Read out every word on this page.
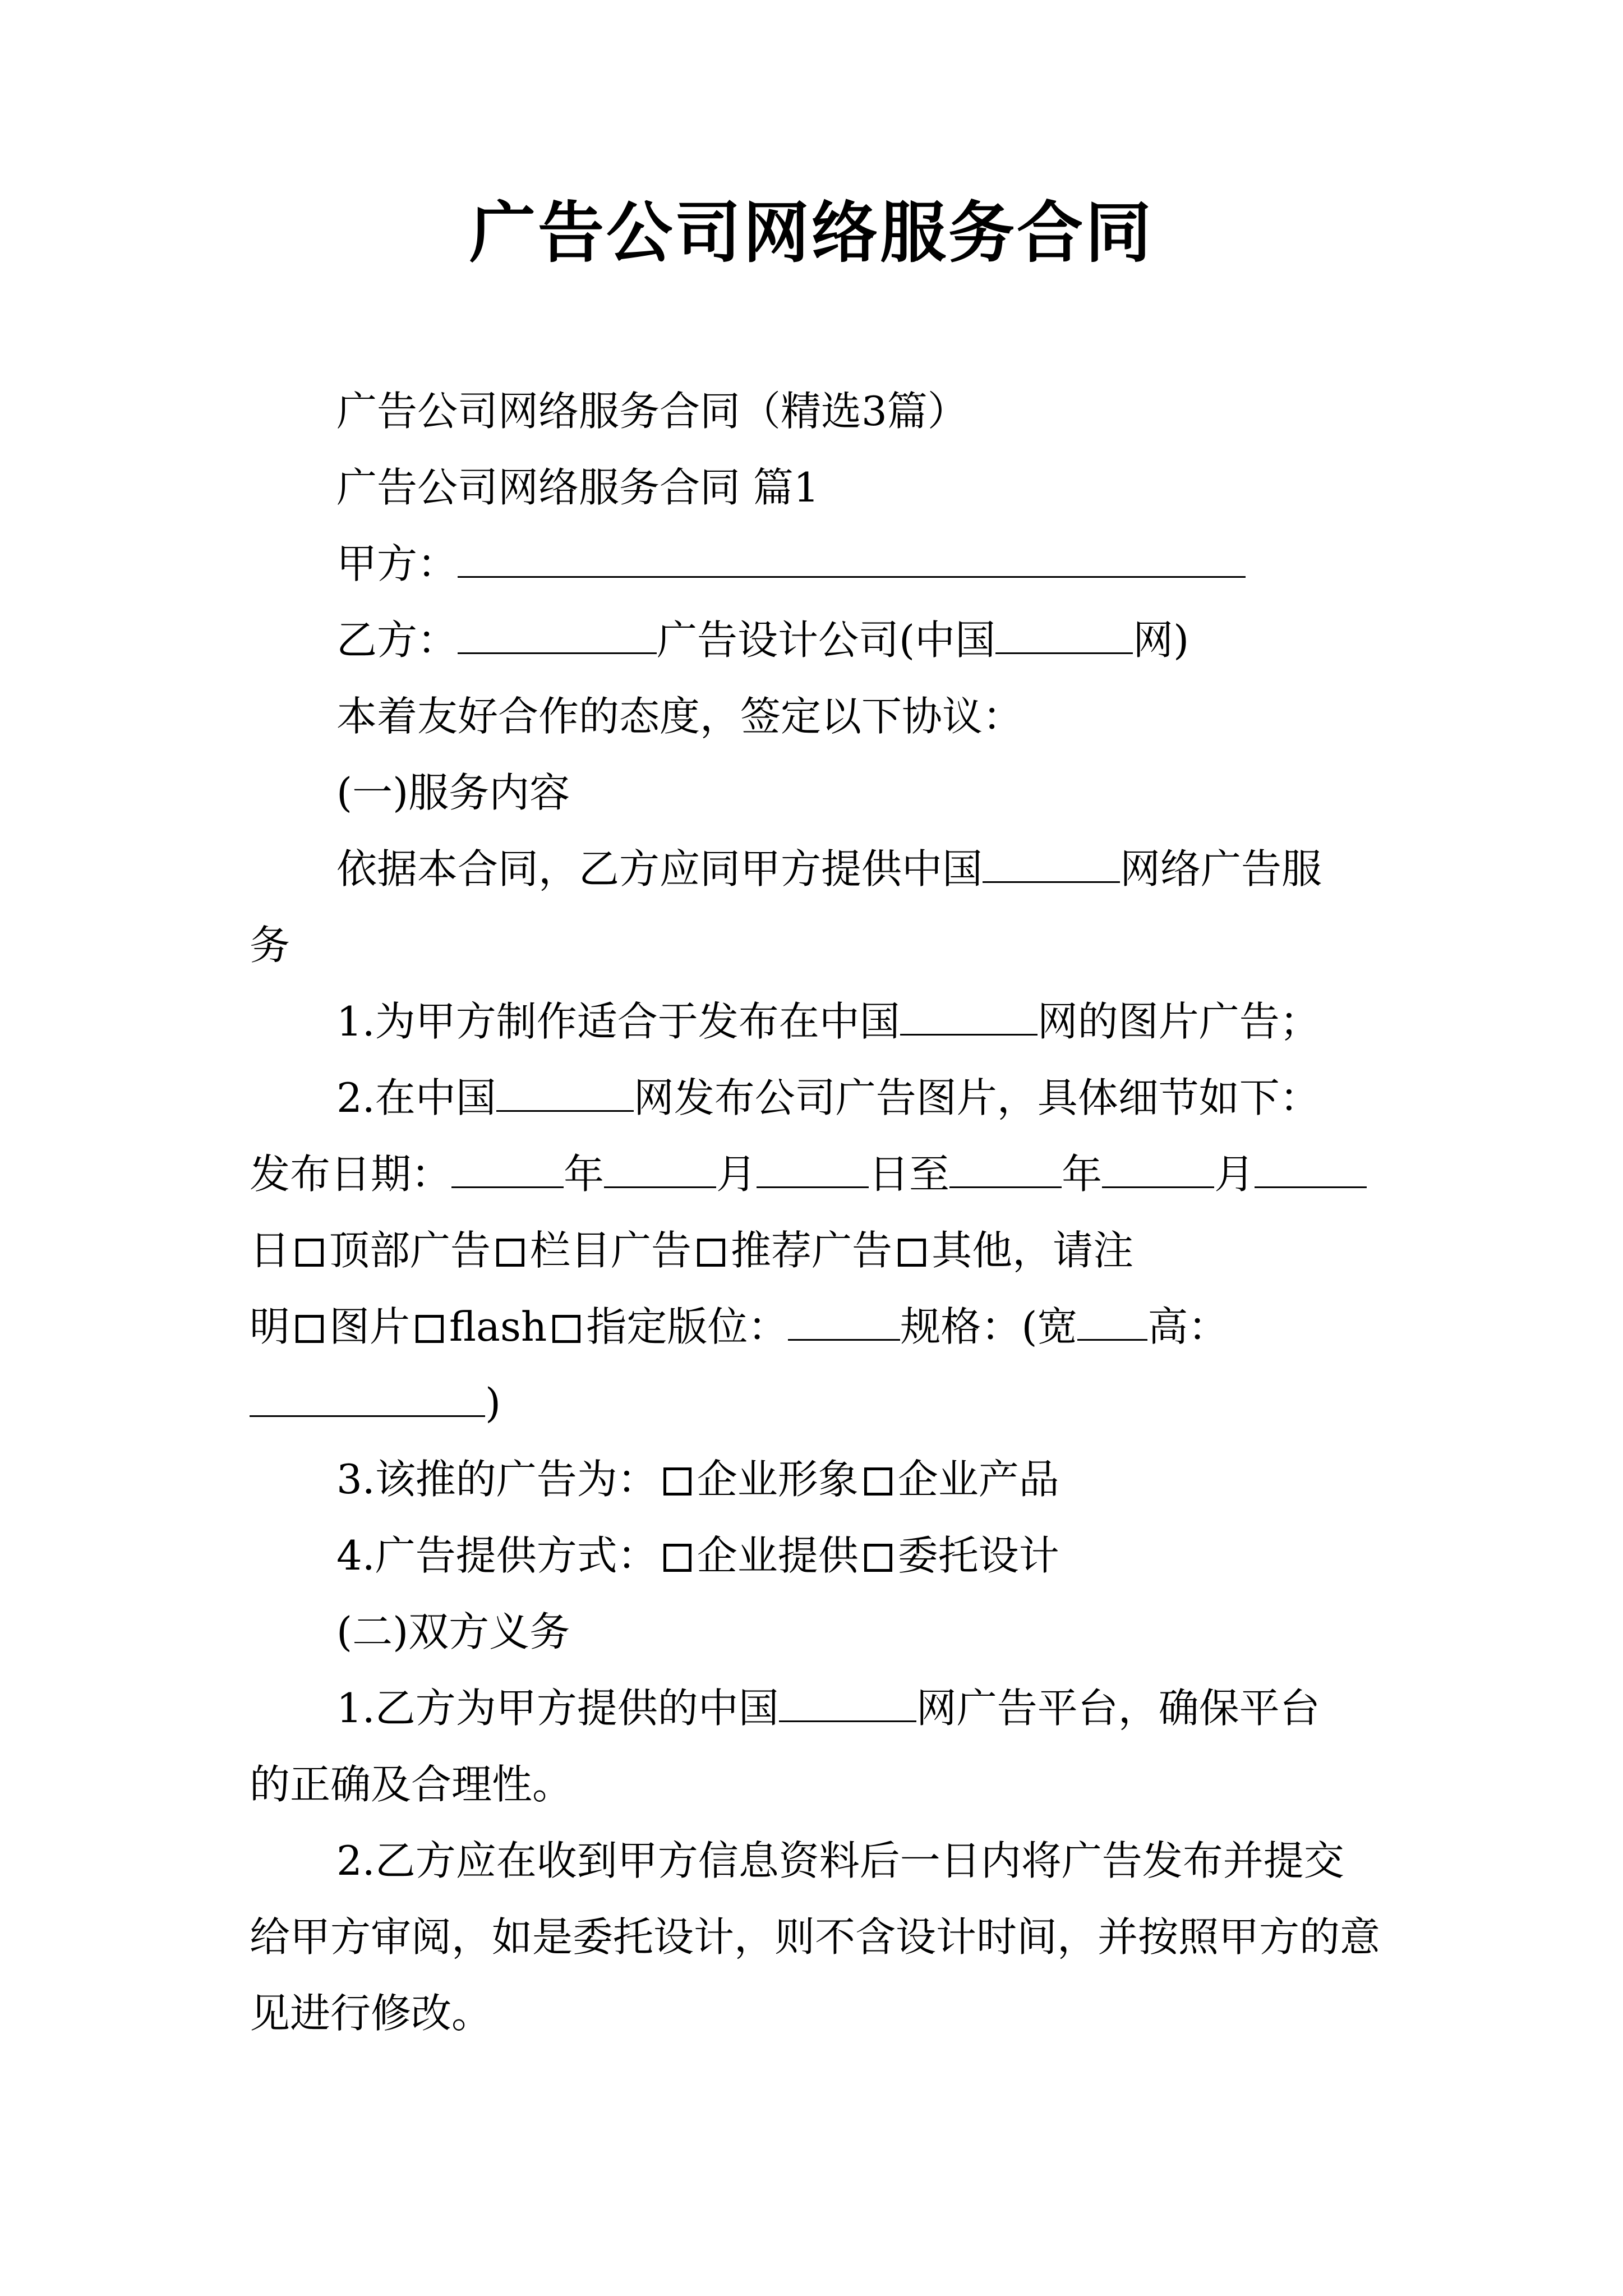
广告公司网络服务合同

广告公司网络服务合同（精选3篇）

广告公司网络服务合同 篇1

甲方：

乙方：	广告设计公司(中国	网)

本着友好合作的态度，签定以下协议：

(一)服务内容

依据本合同，乙方应同甲方提供中国	网络广告服

务

1.为甲方制作适合于发布在中国	网的图片广告；

2.在中国	网发布公司广告图片，具体细节如下：

发布日期：	年	月	日至	年	月

日 顶部广告 栏目广告 推荐广告 其他，请注

明 图片 flash 指定版位：	规格：(宽 高：

)

3.该推的广告为： 企业形象 企业产品

4.广告提供方式： 企业提供 委托设计

(二)双方义务

1.乙方为甲方提供的中国	网广告平台，确保平台

的正确及合理性。

2.乙方应在收到甲方信息资料后一日内将广告发布并提交给甲方审阅，如是委托设计，则不含设计时间，并按照甲方的意见进行修改。
